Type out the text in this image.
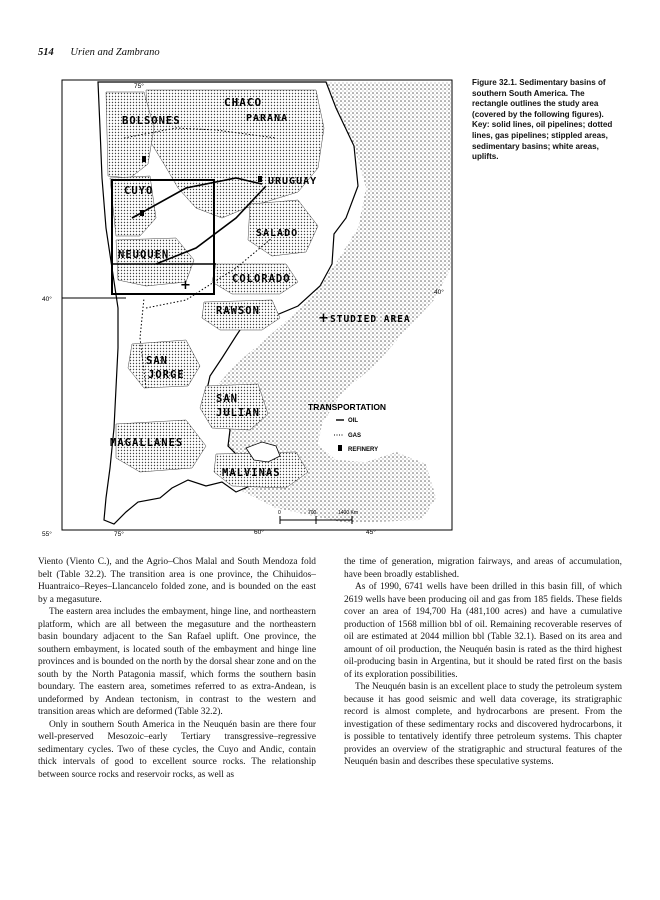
514 Urien and Zambrano
+
CHACO
PARANA
BOLSONES
URUGUAY
CUYO
SALADO
NEUQUEN
COLORADO
RAWSON
SAN
JORGE
SAN
JULIAN
MAGALLANES
MALVINAS
+ STUDIED AREA
TRANSPORTATION
OIL
GAS
REFINERY
40°
40°
55°
75°
75°	60°	45°
0	700	1400 Km
Figure 32.1. Sedimentary basins of southern South America. The rectangle outlines the study area (covered by the following figures). Key: solid lines, oil pipelines; dotted lines, gas pipelines; stippled areas, sedimentary basins; white areas, uplifts.

Viento (Viento C.), and the Agrio–Chos Malal and South Mendoza fold belt (Table 32.2). The transition area is one province, the Chihuidos–Huantraico–Reyes–Llancancelo folded zone, and is bounded on the east by a megasuture.

The eastern area includes the embayment, hinge line, and northeastern platform, which are all between the megasuture and the northeastern basin boundary adjacent to the San Rafael uplift. One province, the southern embayment, is located south of the embayment and hinge line provinces and is bounded on the north by the dorsal shear zone and on the south by the North Patagonia massif, which forms the southern basin boundary. The eastern area, sometimes referred to as extra-Andean, is undeformed by Andean tectonism, in contrast to the western and transition areas which are deformed (Table 32.2).

Only in southern South America in the Neuquén basin are there four well-preserved Mesozoic–early Tertiary transgressive–regressive sedimentary cycles. Two of these cycles, the Cuyo and Andic, contain thick intervals of good to excellent source rocks. The relationship between source rocks and reservoir rocks, as well as

the time of generation, migration fairways, and areas of accumulation, have been broadly established.

As of 1990, 6741 wells have been drilled in this basin fill, of which 2619 wells have been producing oil and gas from 185 fields. These fields cover an area of 194,700 Ha (481,100 acres) and have a cumulative production of 1568 million bbl of oil. Remaining recoverable reserves of oil are estimated at 2044 million bbl (Table 32.1). Based on its area and amount of oil production, the Neuquén basin is rated as the third highest oil-producing basin in Argentina, but it should be rated first on the basis of its exploration possibilities.

The Neuquén basin is an excellent place to study the petroleum system because it has good seismic and well data coverage, its stratigraphic record is almost complete, and hydrocarbons are present. From the investigation of these sedimentary rocks and discovered hydrocarbons, it is possible to tentatively identify three petroleum systems. This chapter provides an overview of the stratigraphic and structural features of the Neuquén basin and describes these speculative systems.
